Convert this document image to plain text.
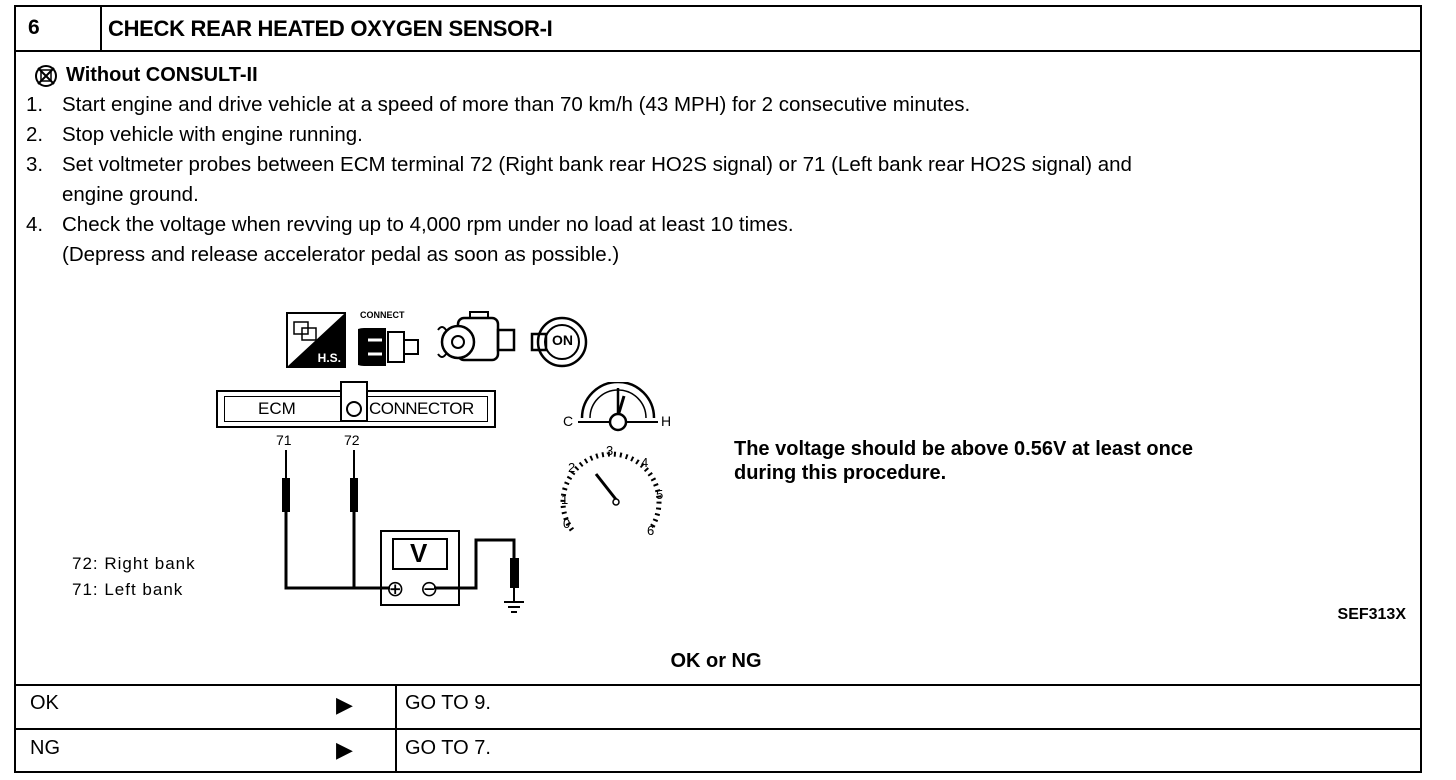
6	CHECK REAR HEATED OXYGEN SENSOR-I
Without CONSULT-II
1. Start engine and drive vehicle at a speed of more than 70 km/h (43 MPH) for 2 consecutive minutes.
2. Stop vehicle with engine running.
3. Set voltmeter probes between ECM terminal 72 (Right bank rear HO2S signal) or 71 (Left bank rear HO2S signal) and
engine ground.
4. Check the voltage when revving up to 4,000 rpm under no load at least 10 times.
(Depress and release accelerator pedal as soon as possible.)
H.S.
CONNECT
ON
ECM	CONNECTOR
71	72
V
⊕ ⊖
C	H
0
1
2
3
4
5
6
72: Right bank
71: Left bank
The voltage should be above 0.56V at least once
during this procedure.
SEF313X
OK or NG
OK	▶	GO TO 9.
NG	▶	GO TO 7.
